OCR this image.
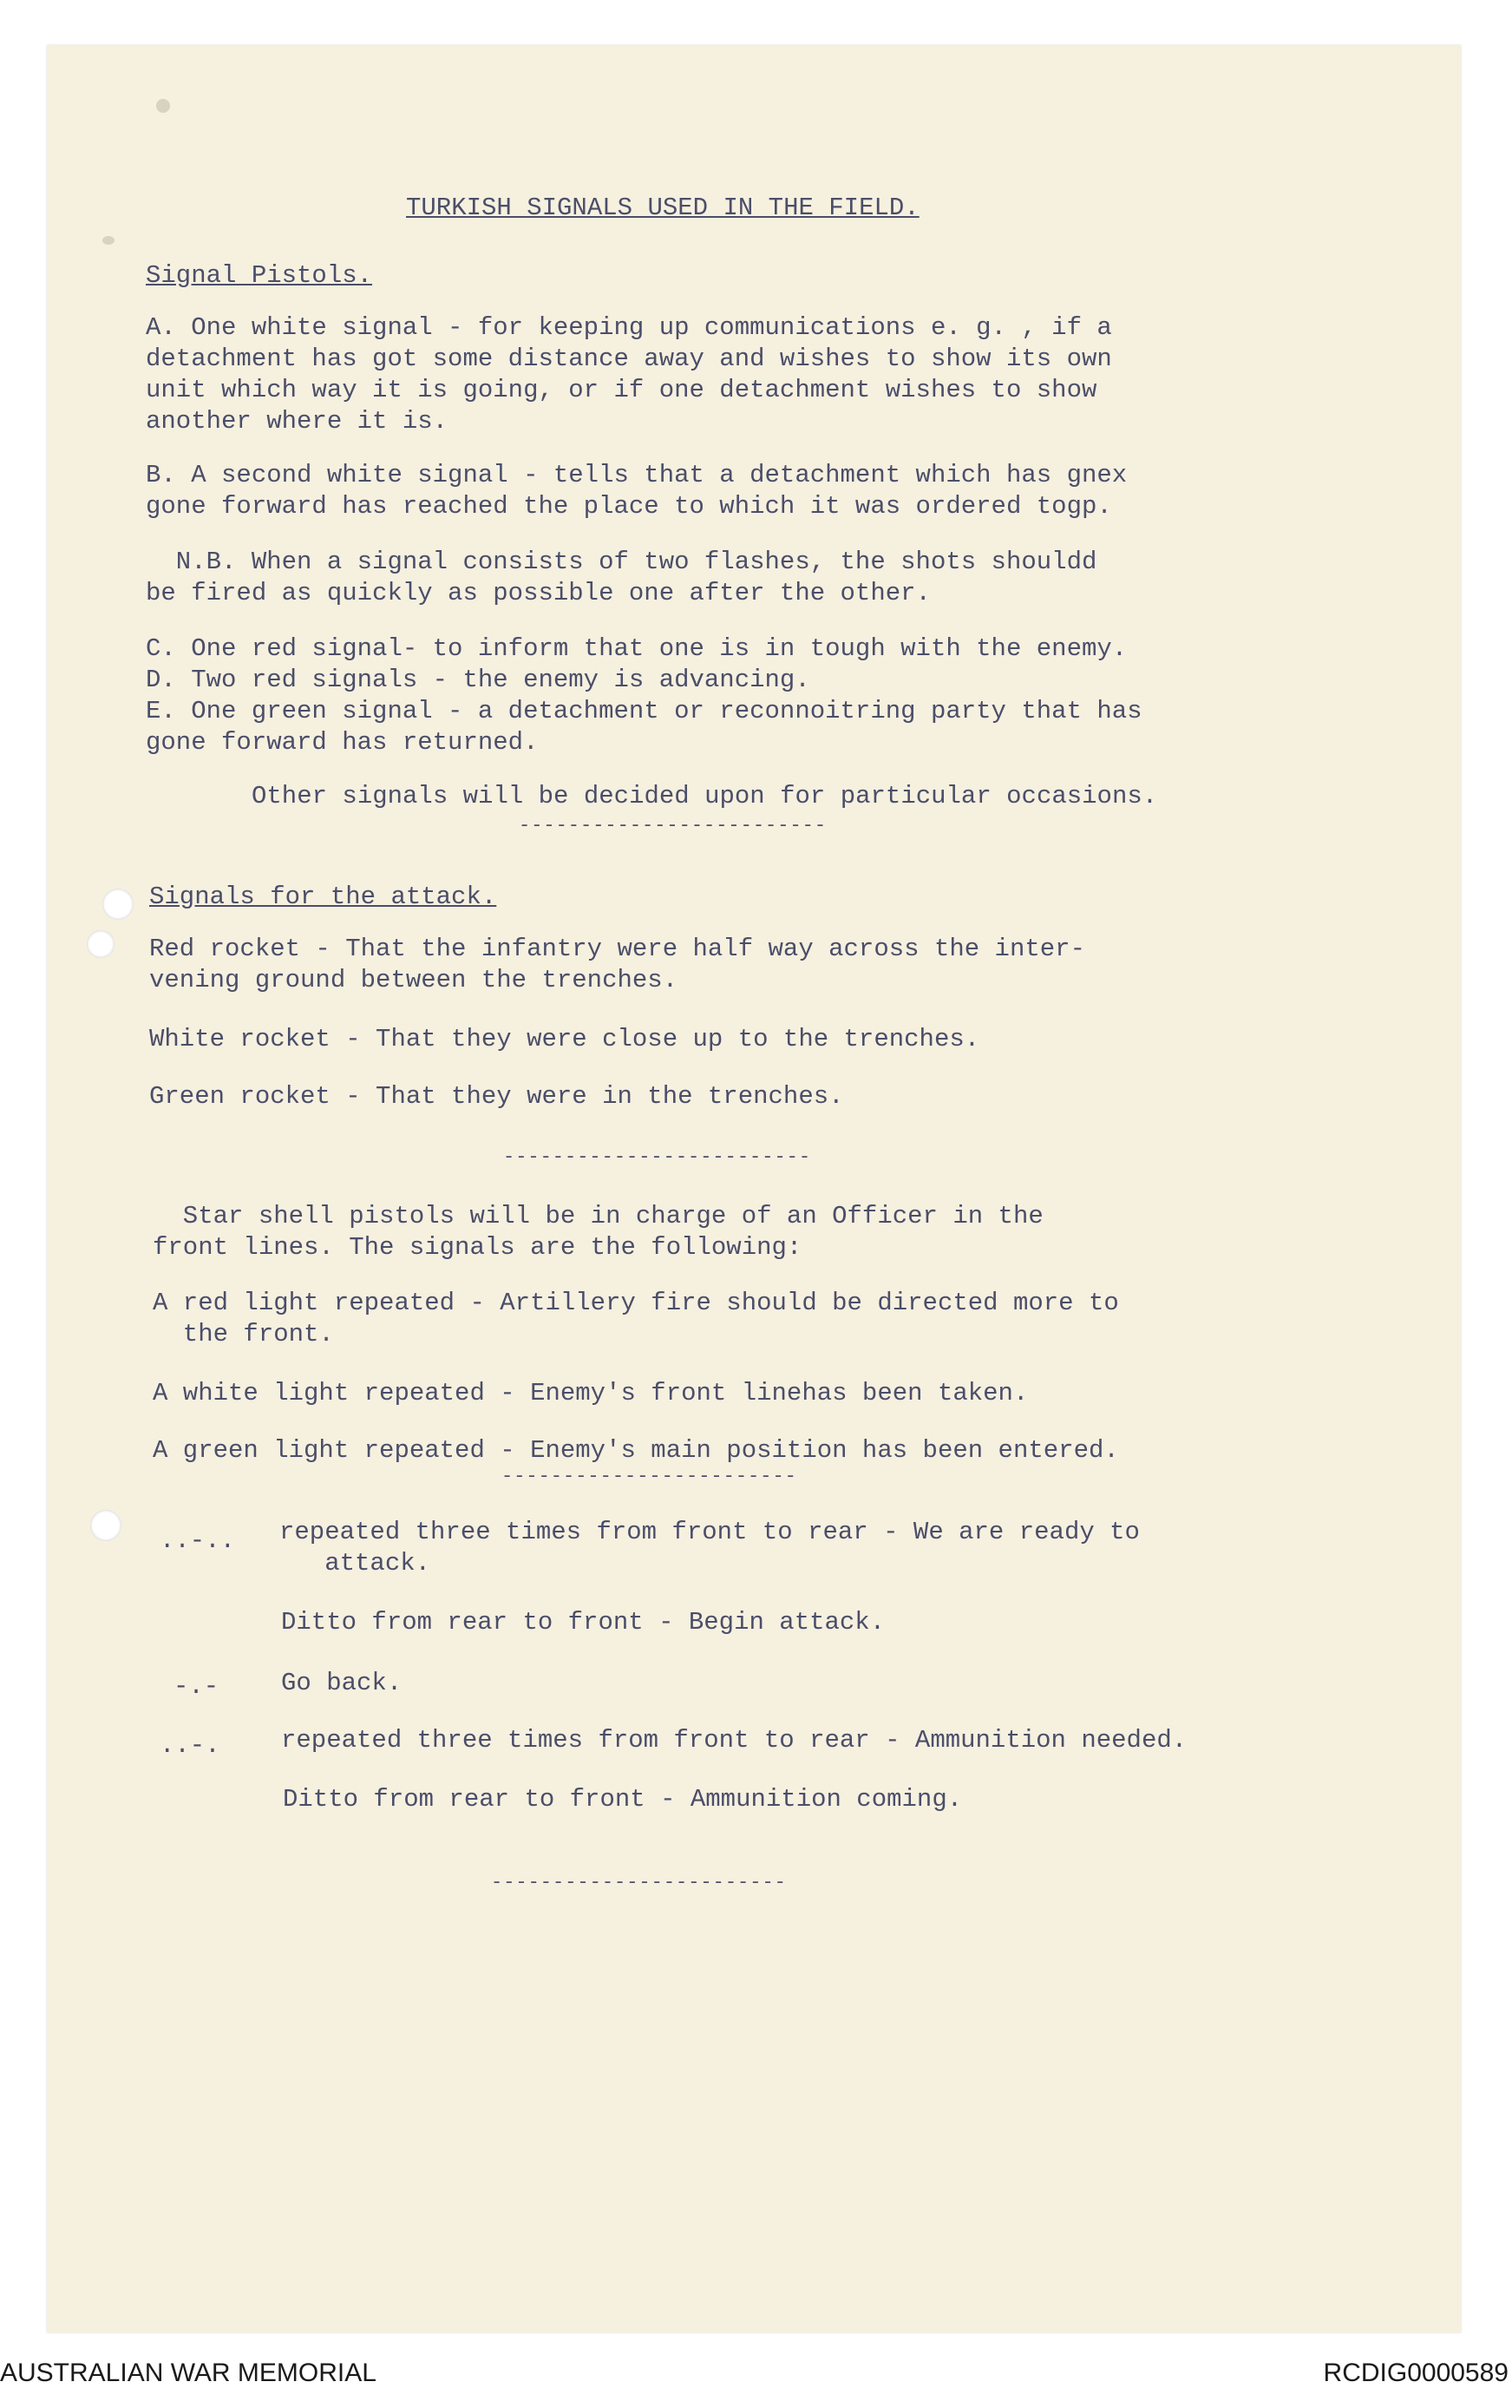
TURKISH SIGNALS USED IN THE FIELD.
Signal Pistols.
A. One white signal - for keeping up communications e. g. , if a
detachment has got some distance away and wishes to show its own
unit which way it is going, or if one detachment wishes to show
another where it is.
B. A second white signal - tells that a detachment which has gnex
gone forward has reached the place to which it was ordered togp.
N.B. When a signal consists of two flashes, the shots shouldd
be fired as quickly as possible one after the other.
C. One red signal- to inform that one is in tough with the enemy.
D. Two red signals - the enemy is advancing.
E. One green signal - a detachment or reconnoitring party that has
gone forward has returned.
Other signals will be decided upon for particular occasions.
-------------------------
Signals for the attack.
Red rocket - That the infantry were half way across the inter-
vening ground between the trenches.
White rocket - That they were close up to the trenches.
Green rocket - That they were in the trenches.
-------------------------
Star shell pistols will be in charge of an Officer in the
front lines. The signals are the following:
A red light repeated - Artillery fire should be directed more to
the front.
A white light repeated - Enemy's front linehas been taken.
A green light repeated - Enemy's main position has been entered.
------------------------
..-.. repeated three times from front to rear - We are ready to
attack.
Ditto from rear to front - Begin attack.
-.- Go back.
..-. repeated three times from front to rear - Ammunition needed.
Ditto from rear to front - Ammunition coming.
------------------------
AUSTRALIAN WAR MEMORIAL	RCDIG0000589
